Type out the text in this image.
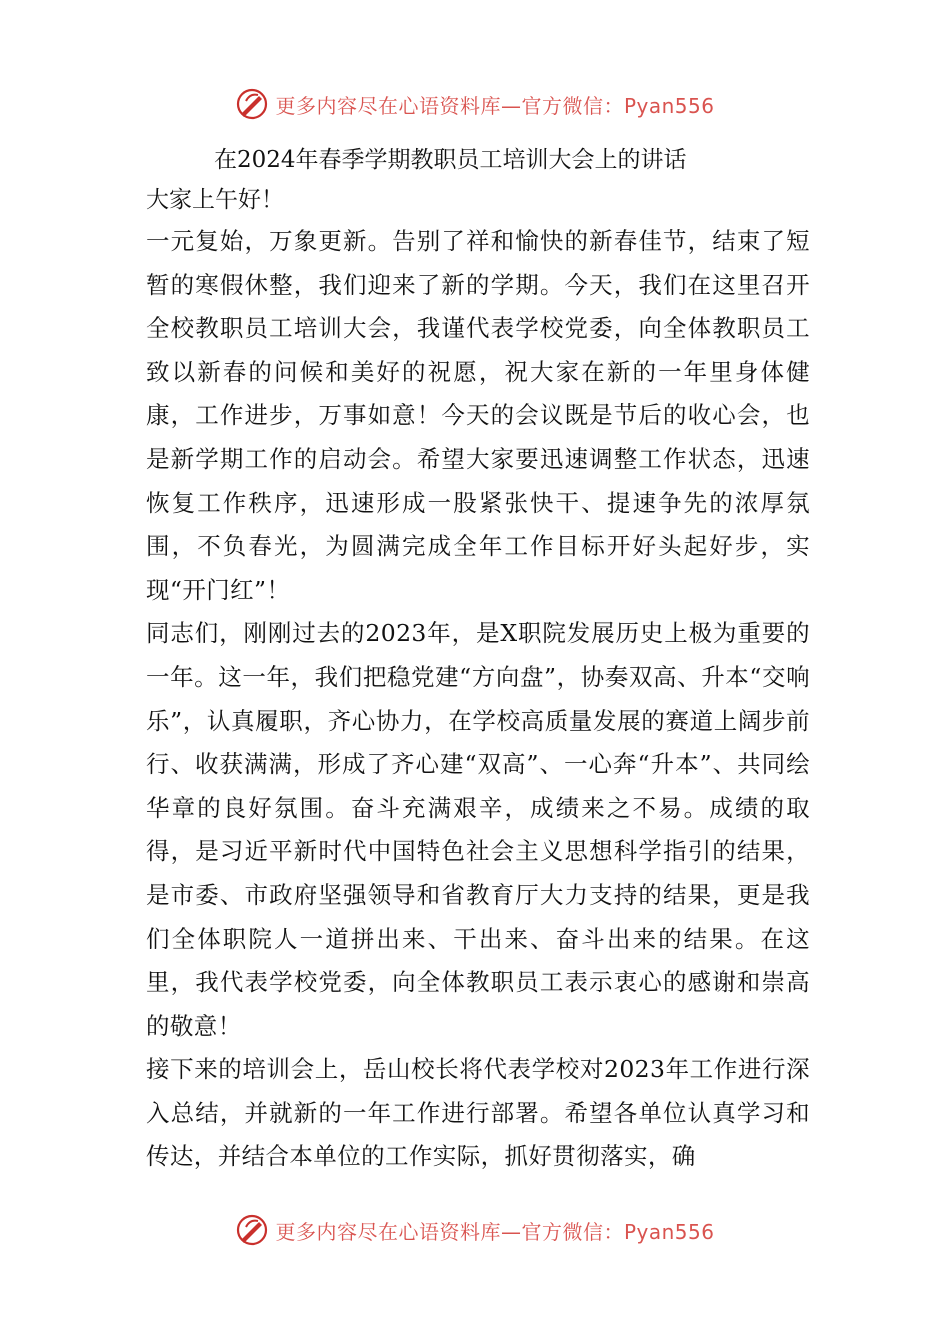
更多内容尽在心语资料库—官方微信：Pyan556
在2024年春季学期教职员工培训大会上的讲话
大家上午好！

一元复始，万象更新。告别了祥和愉快的新春佳节，结束了短暂的寒假休整，我们迎来了新的学期。今天，我们在这里召开全校教职员工培训大会，我谨代表学校党委，向全体教职员工致以新春的问候和美好的祝愿，祝大家在新的一年里身体健康，工作进步，万事如意！今天的会议既是节后的收心会，也是新学期工作的启动会。希望大家要迅速调整工作状态，迅速恢复工作秩序，迅速形成一股紧张快干、提速争先的浓厚氛围，不负春光，为圆满完成全年工作目标开好头起好步，实现“开门红”！

同志们，刚刚过去的2023年，是X职院发展历史上极为重要的一年。这一年，我们把稳党建“方向盘”，协奏双高、升本“交响乐”，认真履职，齐心协力，在学校高质量发展的赛道上阔步前行、收获满满，形成了齐心建“双高”、一心奔“升本”、共同绘华章的良好氛围。奋斗充满艰辛，成绩来之不易。成绩的取得，是习近平新时代中国特色社会主义思想科学指引的结果，是市委、市政府坚强领导和省教育厅大力支持的结果，更是我们全体职院人一道拼出来、干出来、奋斗出来的结果。在这里，我代表学校党委，向全体教职员工表示衷心的感谢和崇高的敬意！

接下来的培训会上，岳山校长将代表学校对2023年工作进行深入总结，并就新的一年工作进行部署。希望各单位认真学习和传达，并结合本单位的工作实际，抓好贯彻落实，确

更多内容尽在心语资料库—官方微信：Pyan556
